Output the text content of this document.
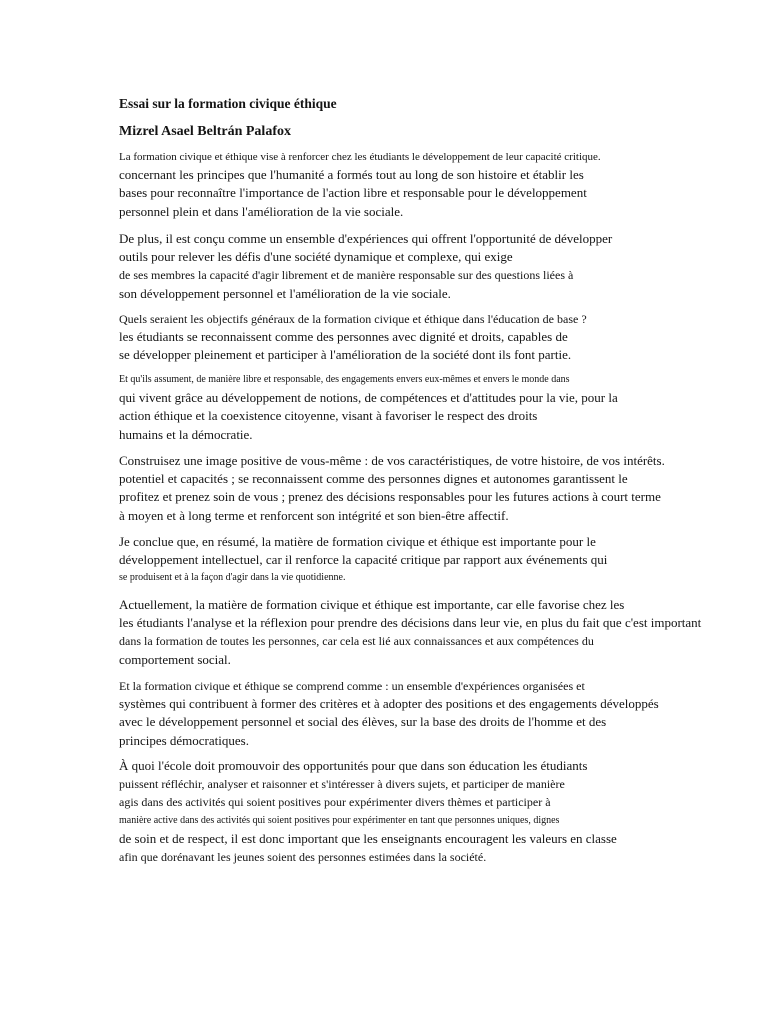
Essai sur la formation civique éthique
Mizrel Asael Beltrán Palafox

La formation civique et éthique vise à renforcer chez les étudiants le développement de leur capacité critique.
concernant les principes que l'humanité a formés tout au long de son histoire et établir les
bases pour reconnaître l'importance de l'action libre et responsable pour le développement
personnel plein et dans l'amélioration de la vie sociale.

De plus, il est conçu comme un ensemble d'expériences qui offrent l'opportunité de développer
outils pour relever les défis d'une société dynamique et complexe, qui exige
de ses membres la capacité d'agir librement et de manière responsable sur des questions liées à
son développement personnel et l'amélioration de la vie sociale.

Quels seraient les objectifs généraux de la formation civique et éthique dans l'éducation de base ?
les étudiants se reconnaissent comme des personnes avec dignité et droits, capables de
se développer pleinement et participer à l'amélioration de la société dont ils font partie.

Et qu'ils assument, de manière libre et responsable, des engagements envers eux-mêmes et envers le monde dans
qui vivent grâce au développement de notions, de compétences et d'attitudes pour la vie, pour la
action éthique et la coexistence citoyenne, visant à favoriser le respect des droits
humains et la démocratie.

Construisez une image positive de vous-même : de vos caractéristiques, de votre histoire, de vos intérêts.
potentiel et capacités ; se reconnaissent comme des personnes dignes et autonomes garantissent le
profitez et prenez soin de vous ; prenez des décisions responsables pour les futures actions à court terme
à moyen et à long terme et renforcent son intégrité et son bien-être affectif.

Je conclue que, en résumé, la matière de formation civique et éthique est importante pour le
développement intellectuel, car il renforce la capacité critique par rapport aux événements qui
se produisent et à la façon d'agir dans la vie quotidienne.

Actuellement, la matière de formation civique et éthique est importante, car elle favorise chez les
les étudiants l'analyse et la réflexion pour prendre des décisions dans leur vie, en plus du fait que c'est important
dans la formation de toutes les personnes, car cela est lié aux connaissances et aux compétences du
comportement social.

Et la formation civique et éthique se comprend comme : un ensemble d'expériences organisées et
systèmes qui contribuent à former des critères et à adopter des positions et des engagements développés
avec le développement personnel et social des élèves, sur la base des droits de l'homme et des
principes démocratiques.

À quoi l'école doit promouvoir des opportunités pour que dans son éducation les étudiants
puissent réfléchir, analyser et raisonner et s'intéresser à divers sujets, et participer de manière
agis dans des activités qui soient positives pour expérimenter divers thèmes et participer à
manière active dans des activités qui soient positives pour expérimenter en tant que personnes uniques, dignes
de soin et de respect, il est donc important que les enseignants encouragent les valeurs en classe
afin que dorénavant les jeunes soient des personnes estimées dans la société.
